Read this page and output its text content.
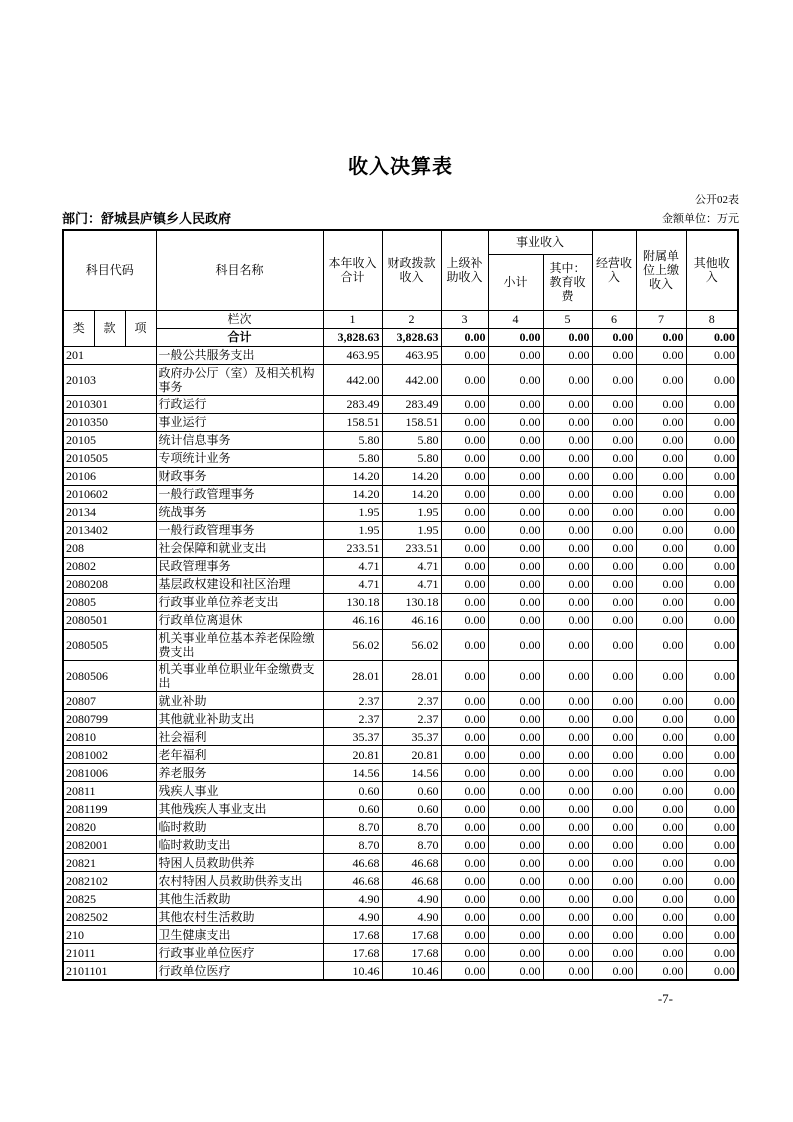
收入决算表
公开02表
部门：舒城县庐镇乡人民政府	金额单位：万元
科目代码			科目名称	本年收入合计	财政拨款收入	上级补助收入	事业收入		经营收入	附属单位上缴收入	其他收入
							小计	其中：教育收费			
类	款	项	栏次	1	2	3	4	5	6	7	8
			合计	3,828.63	3,828.63	0.00	0.00	0.00	0.00	0.00	0.00
201			一般公共服务支出	463.95	463.95	0.00	0.00	0.00	0.00	0.00	0.00
20103			政府办公厅（室）及相关机构事务	442.00	442.00	0.00	0.00	0.00	0.00	0.00	0.00
2010301			行政运行	283.49	283.49	0.00	0.00	0.00	0.00	0.00	0.00
2010350			事业运行	158.51	158.51	0.00	0.00	0.00	0.00	0.00	0.00
20105			统计信息事务	5.80	5.80	0.00	0.00	0.00	0.00	0.00	0.00
2010505			专项统计业务	5.80	5.80	0.00	0.00	0.00	0.00	0.00	0.00
20106			财政事务	14.20	14.20	0.00	0.00	0.00	0.00	0.00	0.00
2010602			一般行政管理事务	14.20	14.20	0.00	0.00	0.00	0.00	0.00	0.00
20134			统战事务	1.95	1.95	0.00	0.00	0.00	0.00	0.00	0.00
2013402			一般行政管理事务	1.95	1.95	0.00	0.00	0.00	0.00	0.00	0.00
208			社会保障和就业支出	233.51	233.51	0.00	0.00	0.00	0.00	0.00	0.00
20802			民政管理事务	4.71	4.71	0.00	0.00	0.00	0.00	0.00	0.00
2080208			基层政权建设和社区治理	4.71	4.71	0.00	0.00	0.00	0.00	0.00	0.00
20805			行政事业单位养老支出	130.18	130.18	0.00	0.00	0.00	0.00	0.00	0.00
2080501			行政单位离退休	46.16	46.16	0.00	0.00	0.00	0.00	0.00	0.00
2080505			机关事业单位基本养老保险缴费支出	56.02	56.02	0.00	0.00	0.00	0.00	0.00	0.00
2080506			机关事业单位职业年金缴费支出	28.01	28.01	0.00	0.00	0.00	0.00	0.00	0.00
20807			就业补助	2.37	2.37	0.00	0.00	0.00	0.00	0.00	0.00
2080799			其他就业补助支出	2.37	2.37	0.00	0.00	0.00	0.00	0.00	0.00
20810			社会福利	35.37	35.37	0.00	0.00	0.00	0.00	0.00	0.00
2081002			老年福利	20.81	20.81	0.00	0.00	0.00	0.00	0.00	0.00
2081006			养老服务	14.56	14.56	0.00	0.00	0.00	0.00	0.00	0.00
20811			残疾人事业	0.60	0.60	0.00	0.00	0.00	0.00	0.00	0.00
2081199			其他残疾人事业支出	0.60	0.60	0.00	0.00	0.00	0.00	0.00	0.00
20820			临时救助	8.70	8.70	0.00	0.00	0.00	0.00	0.00	0.00
2082001			临时救助支出	8.70	8.70	0.00	0.00	0.00	0.00	0.00	0.00
20821			特困人员救助供养	46.68	46.68	0.00	0.00	0.00	0.00	0.00	0.00
2082102			农村特困人员救助供养支出	46.68	46.68	0.00	0.00	0.00	0.00	0.00	0.00
20825			其他生活救助	4.90	4.90	0.00	0.00	0.00	0.00	0.00	0.00
2082502			其他农村生活救助	4.90	4.90	0.00	0.00	0.00	0.00	0.00	0.00
210			卫生健康支出	17.68	17.68	0.00	0.00	0.00	0.00	0.00	0.00
21011			行政事业单位医疗	17.68	17.68	0.00	0.00	0.00	0.00	0.00	0.00
2101101			行政单位医疗	10.46	10.46	0.00	0.00	0.00	0.00	0.00	0.00
-7-
